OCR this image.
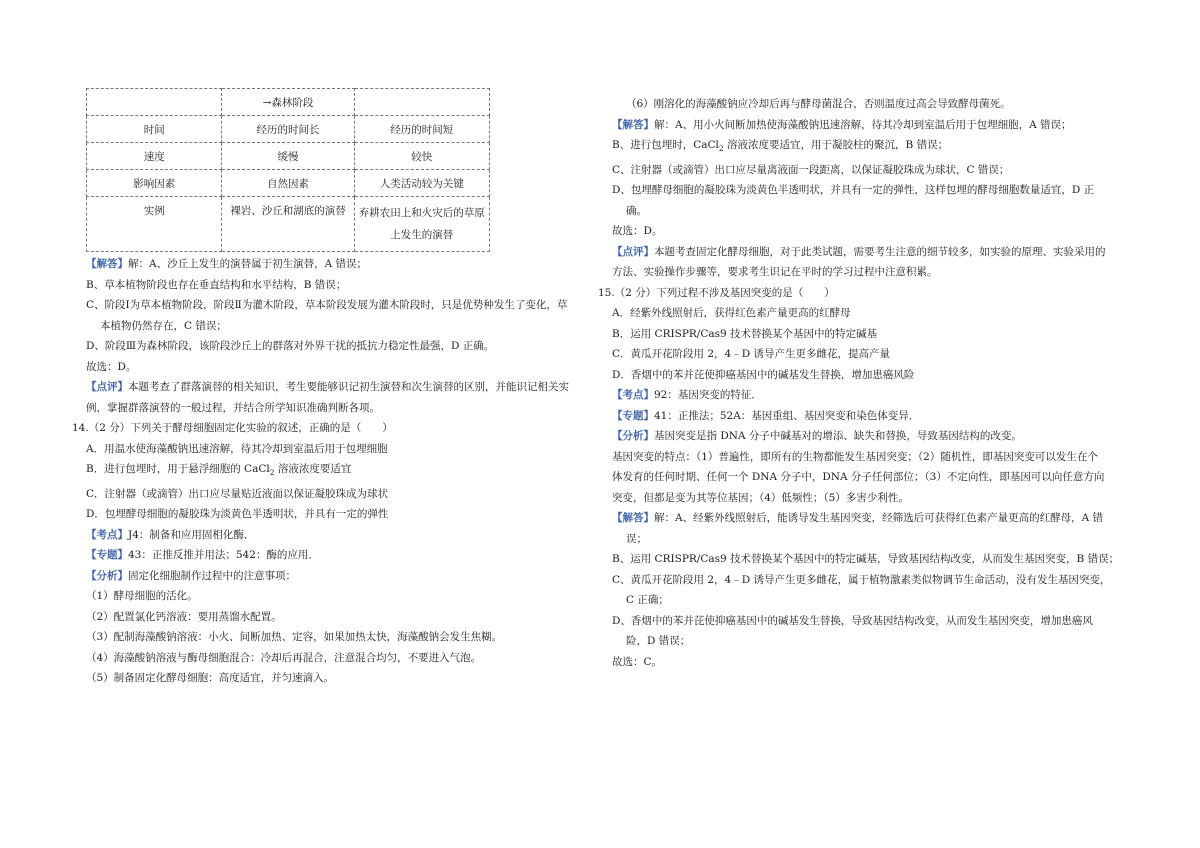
	→森林阶段	
时间	经历的时间长	经历的时间短
速度	缓慢	较快
影响因素	自然因素	人类活动较为关键
实例	裸岩、沙丘和湖底的演替	弃耕农田上和火灾后的草原
上发生的演替

【解答】解：A、沙丘上发生的演替属于初生演替，A 错误；

B、草本植物阶段也存在垂直结构和水平结构，B 错误；

C、阶段Ⅰ为草本植物阶段，阶段Ⅱ为灌木阶段，草本阶段发展为灌木阶段时，只是优势种发生了变化，草

本植物仍然存在，C 错误；

D、阶段Ⅲ为森林阶段，该阶段沙丘上的群落对外界干扰的抵抗力稳定性最强，D 正确。

故选：D。

【点评】本题考查了群落演替的相关知识，考生要能够识记初生演替和次生演替的区别，并能识记相关实

例，掌握群落演替的一般过程，并结合所学知识准确判断各项。

14.（2 分）下列关于酵母细胞固定化实验的叙述，正确的是（　　）

A．用温水使海藻酸钠迅速溶解，待其冷却到室温后用于包埋细胞

B．进行包埋时，用于悬浮细胞的 CaCl$_2$ 溶液浓度要适宜

C．注射器（或滴管）出口应尽量贴近液面以保证凝胶珠成为球状

D．包埋酵母细胞的凝胶珠为淡黄色半透明状，并具有一定的弹性

【考点】J4：制备和应用固相化酶．

【专题】43：正推反推并用法；542：酶的应用．

【分析】固定化细胞制作过程中的注意事项：

（1）酵母细胞的活化。

（2）配置氯化钙溶液：要用蒸馏水配置。

（3）配制海藻酸钠溶液：小火、间断加热、定容，如果加热太快，海藻酸钠会发生焦糊。

（4）海藻酸钠溶液与酶母细胞混合：冷却后再混合，注意混合均匀，不要进入气泡。

（5）制备固定化酵母细胞：高度适宜，并匀速滴入。

（6）刚溶化的海藻酸钠应冷却后再与酵母菌混合，否则温度过高会导致酵母菌死。

【解答】解：A、用小火间断加热使海藻酸钠迅速溶解，待其冷却到室温后用于包埋细胞，A 错误；

B、进行包埋时，CaCl$_2$ 溶液浓度要适宜，用于凝胶柱的聚沉，B 错误；

C、注射器（或滴管）出口应尽量离液面一段距离，以保证凝胶珠成为球状，C 错误；

D、包埋酵母细胞的凝胶珠为淡黄色半透明状，并具有一定的弹性，这样包埋的酵母细胞数量适宜，D 正

确。

故选：D。

【点评】本题考查固定化酵母细胞，对于此类试题，需要考生注意的细节较多，如实验的原理、实验采用的

方法、实验操作步骤等，要求考生识记在平时的学习过程中注意积累。

15.（2 分）下列过程不涉及基因突变的是（　　）

A．经紫外线照射后，获得红色素产量更高的红酵母

B．运用 CRISPR/Cas9 技术替换某个基因中的特定碱基

C．黄瓜开花阶段用 2，4﹣D 诱导产生更多雌花，提高产量

D．香烟中的苯并芘使抑癌基因中的碱基发生替换，增加患癌风险

【考点】92：基因突变的特征．

【专题】41：正推法；52A：基因重组、基因突变和染色体变异．

【分析】基因突变是指 DNA 分子中碱基对的增添、缺失和替换，导致基因结构的改变。

基因突变的特点：（1）普遍性，即所有的生物都能发生基因突变；（2）随机性，即基因突变可以发生在个

体发育的任何时期、任何一个 DNA 分子中，DNA 分子任何部位；（3）不定向性，即基因可以向任意方向

突变，但都是变为其等位基因；（4）低频性；（5）多害少利性。

【解答】解：A、经紫外线照射后，能诱导发生基因突变，经筛选后可获得红色素产量更高的红酵母，A 错

误；

B、运用 CRISPR/Cas9 技术替换某个基因中的特定碱基，导致基因结构改变，从而发生基因突变，B 错误；

C、黄瓜开花阶段用 2，4﹣D 诱导产生更多雌花，属于植物激素类似物调节生命活动，没有发生基因突变，

C 正确；

D、香烟中的苯并芘使抑癌基因中的碱基发生替换，导致基因结构改变，从而发生基因突变，增加患癌风

险，D 错误；

故选：C。
